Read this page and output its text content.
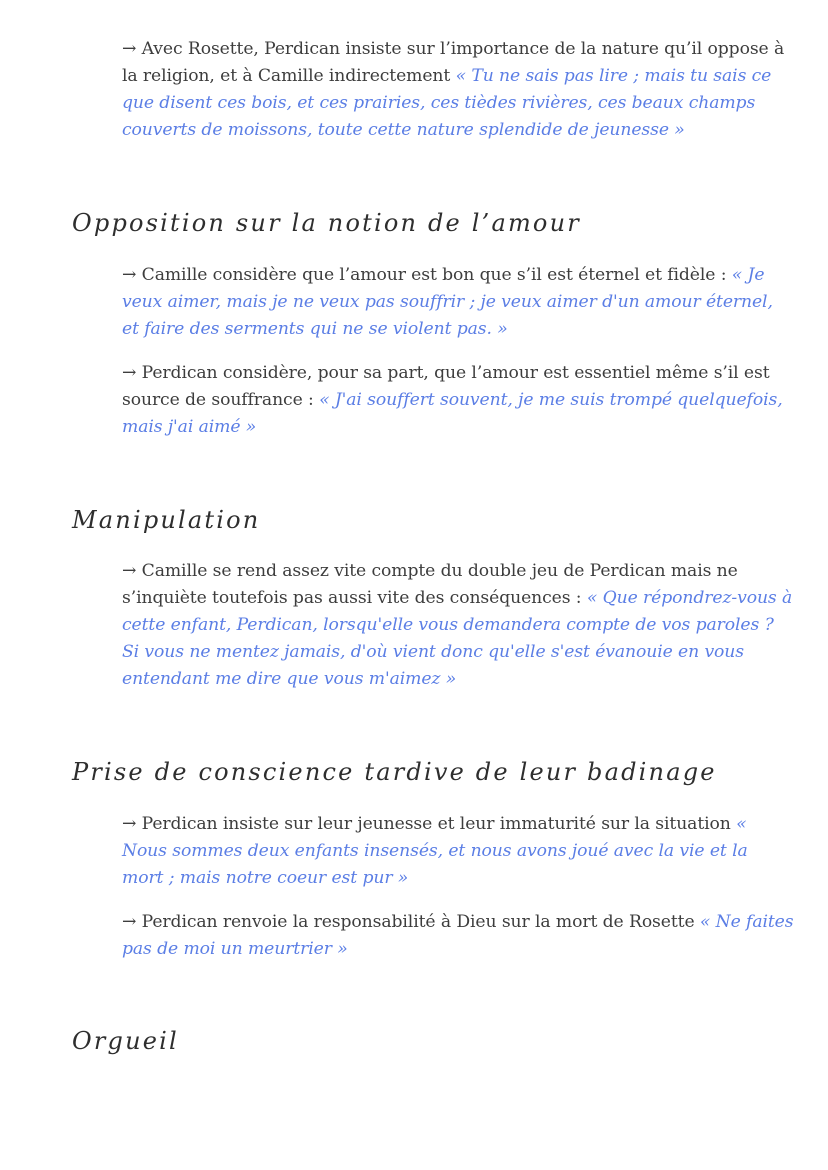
→ Avec Rosette, Perdican insiste sur l’importance de la nature qu’il oppose à la religion, et à Camille indirectement « Tu ne sais pas lire ; mais tu sais ce que disent ces bois, et ces prairies, ces tièdes rivières, ces beaux champs couverts de moissons, toute cette nature splendide de jeunesse »

Opposition sur la notion de l’amour

→ Camille considère que l’amour est bon que s’il est éternel et fidèle : « Je veux aimer, mais je ne veux pas souffrir ; je veux aimer d'un amour éternel, et faire des serments qui ne se violent pas. »

→ Perdican considère, pour sa part, que l’amour est essentiel même s’il est source de souffrance : « J'ai souffert souvent, je me suis trompé quelquefois, mais j'ai aimé »

Manipulation

→ Camille se rend assez vite compte du double jeu de Perdican mais ne s’inquiète toutefois pas aussi vite des conséquences : « Que répondrez-vous à cette enfant, Perdican, lorsqu'elle vous demandera compte de vos paroles ? Si vous ne mentez jamais, d'où vient donc qu'elle s'est évanouie en vous entendant me dire que vous m'aimez »

Prise de conscience tardive de leur badinage

→ Perdican insiste sur leur jeunesse et leur immaturité sur la situation « Nous sommes deux enfants insensés, et nous avons joué avec la vie et la mort ; mais notre coeur est pur »

→ Perdican renvoie la responsabilité à Dieu sur la mort de Rosette « Ne faites pas de moi un meurtrier »

Orgueil
